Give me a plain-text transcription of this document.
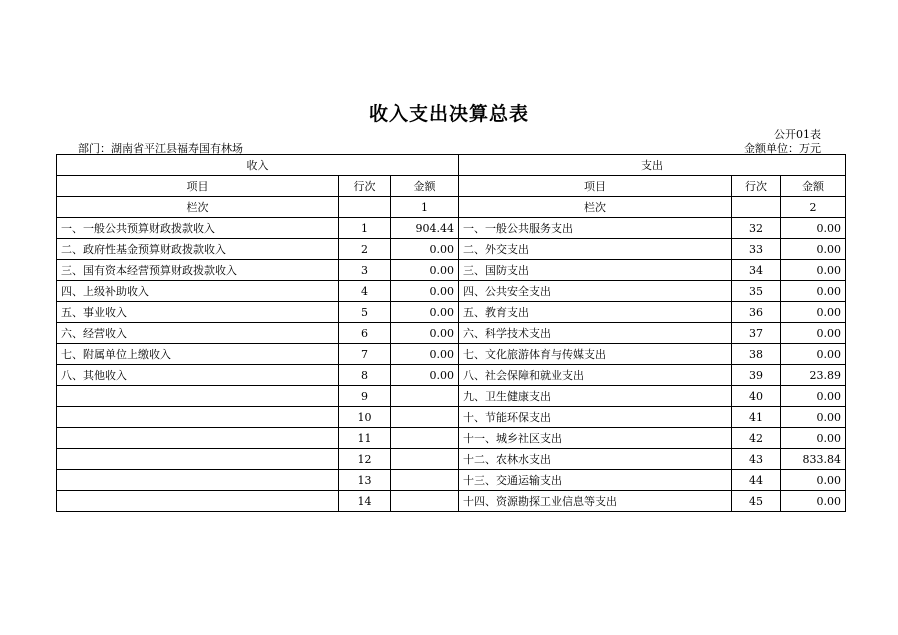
收入支出决算总表
公开01表
部门：湖南省平江县福寿国有林场	金额单位：万元
收入			支出		
项目	行次	金额	项目	行次	金额
栏次		1	栏次		2
一、一般公共预算财政拨款收入	1	904.44	一、一般公共服务支出	32	0.00
二、政府性基金预算财政拨款收入	2	0.00	二、外交支出	33	0.00
三、国有资本经营预算财政拨款收入	3	0.00	三、国防支出	34	0.00
四、上级补助收入	4	0.00	四、公共安全支出	35	0.00
五、事业收入	5	0.00	五、教育支出	36	0.00
六、经营收入	6	0.00	六、科学技术支出	37	0.00
七、附属单位上缴收入	7	0.00	七、文化旅游体育与传媒支出	38	0.00
八、其他收入	8	0.00	八、社会保障和就业支出	39	23.89
	9		九、卫生健康支出	40	0.00
	10		十、节能环保支出	41	0.00
	11		十一、城乡社区支出	42	0.00
	12		十二、农林水支出	43	833.84
	13		十三、交通运输支出	44	0.00
	14		十四、资源勘探工业信息等支出	45	0.00
